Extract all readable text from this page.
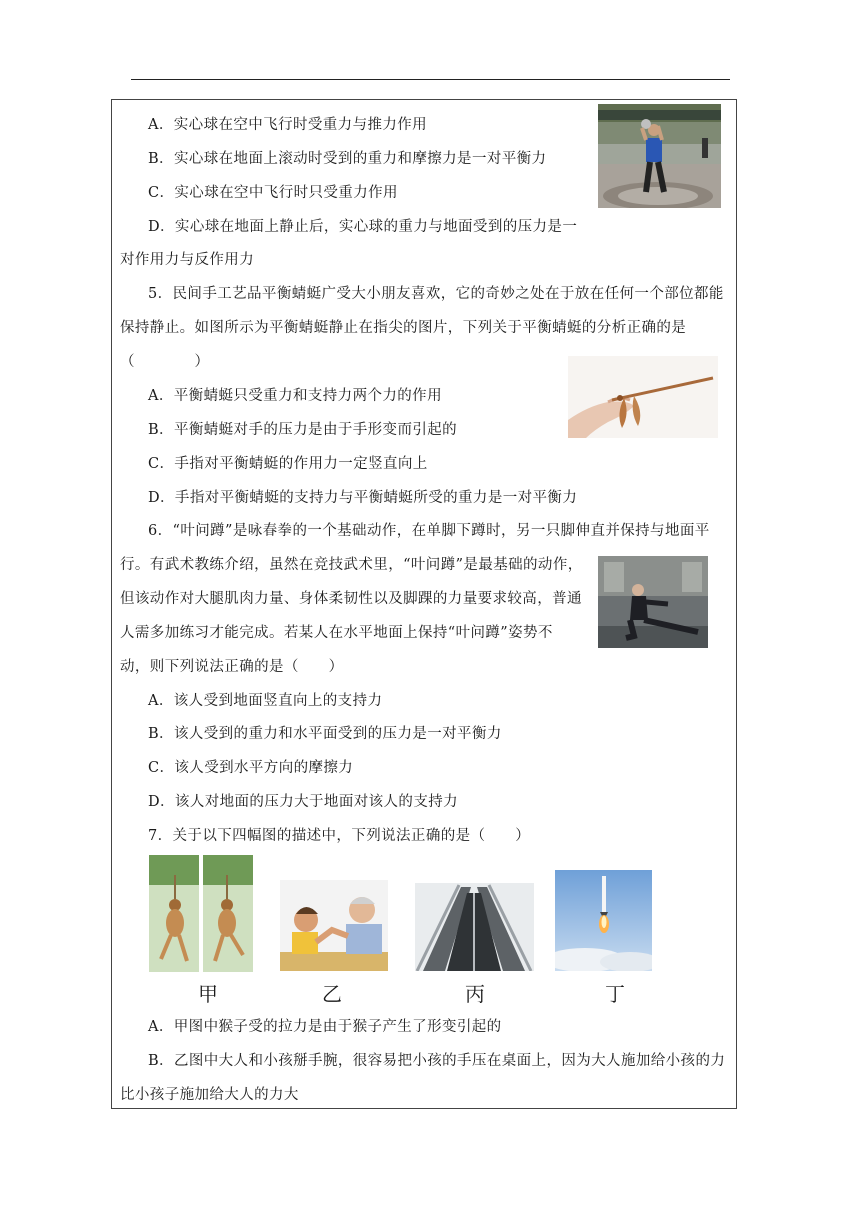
A．实心球在空中飞行时受重力与推力作用
B．实心球在地面上滚动时受到的重力和摩擦力是一对平衡力
C．实心球在空中飞行时只受重力作用
D．实心球在地面上静止后，实心球的重力与地面受到的压力是一
对作用力与反作用力
5．民间手工艺品平衡蜻蜓广受大小朋友喜欢，它的奇妙之处在于放在任何一个部位都能
保持静止。如图所示为平衡蜻蜓静止在指尖的图片，下列关于平衡蜻蜓的分析正确的是
（　　　　）
A．平衡蜻蜓只受重力和支持力两个力的作用
B．平衡蜻蜓对手的压力是由于手形变而引起的
C．手指对平衡蜻蜓的作用力一定竖直向上
D．手指对平衡蜻蜓的支持力与平衡蜻蜓所受的重力是一对平衡力
6．“叶问蹲”是咏春拳的一个基础动作，在单脚下蹲时，另一只脚伸直并保持与地面平
行。有武术教练介绍，虽然在竞技武术里，“叶问蹲”是最基础的动作，
但该动作对大腿肌肉力量、身体柔韧性以及脚踝的力量要求较高，普通
人需多加练习才能完成。若某人在水平地面上保持“叶问蹲”姿势不
动，则下列说法正确的是（　　）
A．该人受到地面竖直向上的支持力
B．该人受到的重力和水平面受到的压力是一对平衡力
C．该人受到水平方向的摩擦力
D．该人对地面的压力大于地面对该人的支持力
7．关于以下四幅图的描述中，下列说法正确的是（　　）
甲	乙	丙	丁
A．甲图中猴子受的拉力是由于猴子产生了形变引起的
B．乙图中大人和小孩掰手腕，很容易把小孩的手压在桌面上，因为大人施加给小孩的力
比小孩子施加给大人的力大
